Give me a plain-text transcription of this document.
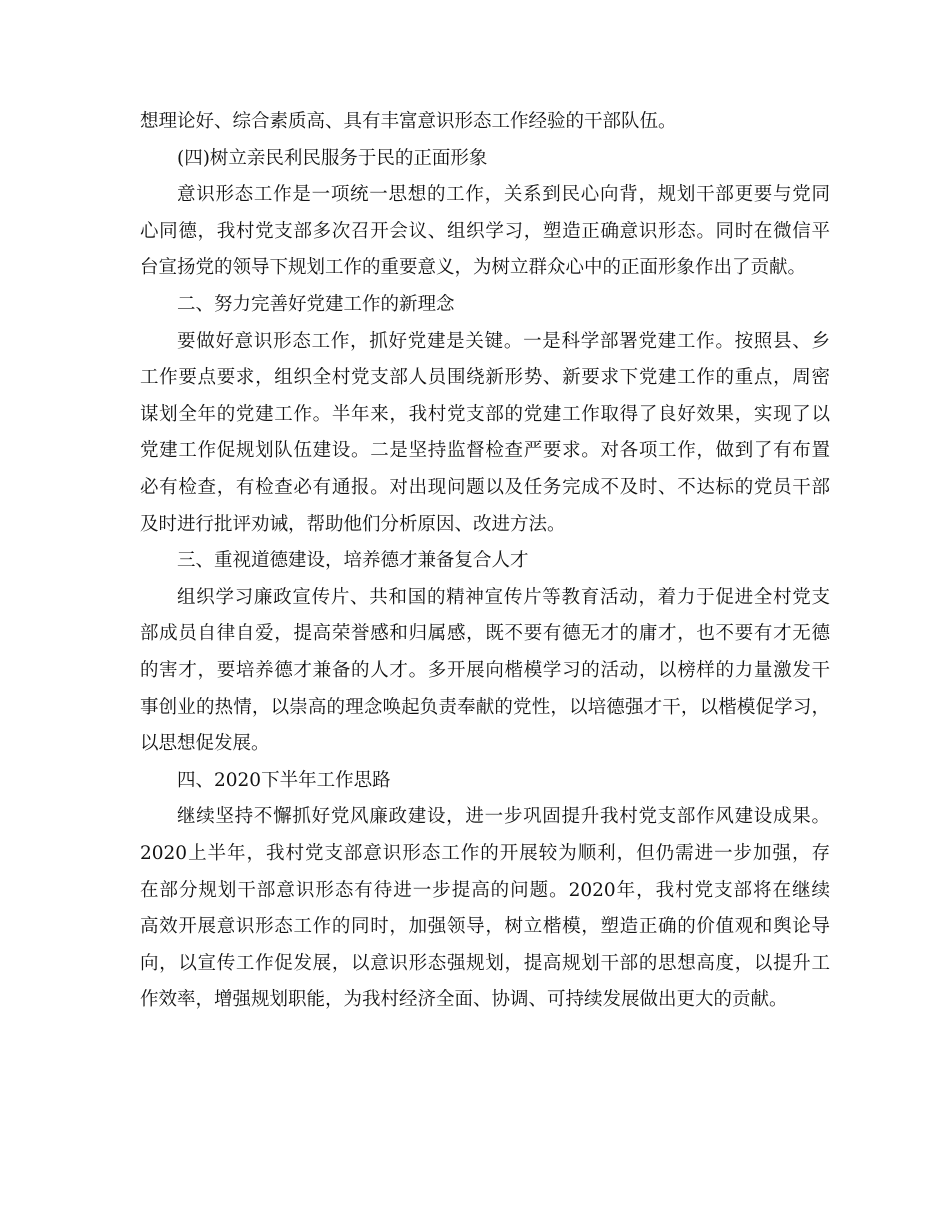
想理论好、综合素质高、具有丰富意识形态工作经验的干部队伍。
(四)树立亲民利民服务于民的正面形象
意识形态工作是一项统一思想的工作，关系到民心向背，规划干部更要与党同
心同德，我村党支部多次召开会议、组织学习，塑造正确意识形态。同时在微信平
台宣扬党的领导下规划工作的重要意义，为树立群众心中的正面形象作出了贡献。
二、努力完善好党建工作的新理念
要做好意识形态工作，抓好党建是关键。一是科学部署党建工作。按照县、乡
工作要点要求，组织全村党支部人员围绕新形势、新要求下党建工作的重点，周密
谋划全年的党建工作。半年来，我村党支部的党建工作取得了良好效果，实现了以
党建工作促规划队伍建设。二是坚持监督检查严要求。对各项工作，做到了有布置
必有检查，有检查必有通报。对出现问题以及任务完成不及时、不达标的党员干部
及时进行批评劝诫，帮助他们分析原因、改进方法。
三、重视道德建设，培养德才兼备复合人才
组织学习廉政宣传片、共和国的精神宣传片等教育活动，着力于促进全村党支
部成员自律自爱，提高荣誉感和归属感，既不要有德无才的庸才，也不要有才无德
的害才，要培养德才兼备的人才。多开展向楷模学习的活动，以榜样的力量激发干
事创业的热情，以崇高的理念唤起负责奉献的党性，以培德强才干，以楷模促学习，
以思想促发展。
四、2020下半年工作思路
继续坚持不懈抓好党风廉政建设，进一步巩固提升我村党支部作风建设成果。
2020上半年，我村党支部意识形态工作的开展较为顺利，但仍需进一步加强，存
在部分规划干部意识形态有待进一步提高的问题。2020年，我村党支部将在继续
高效开展意识形态工作的同时，加强领导，树立楷模，塑造正确的价值观和舆论导
向，以宣传工作促发展，以意识形态强规划，提高规划干部的思想高度，以提升工
作效率，增强规划职能，为我村经济全面、协调、可持续发展做出更大的贡献。
